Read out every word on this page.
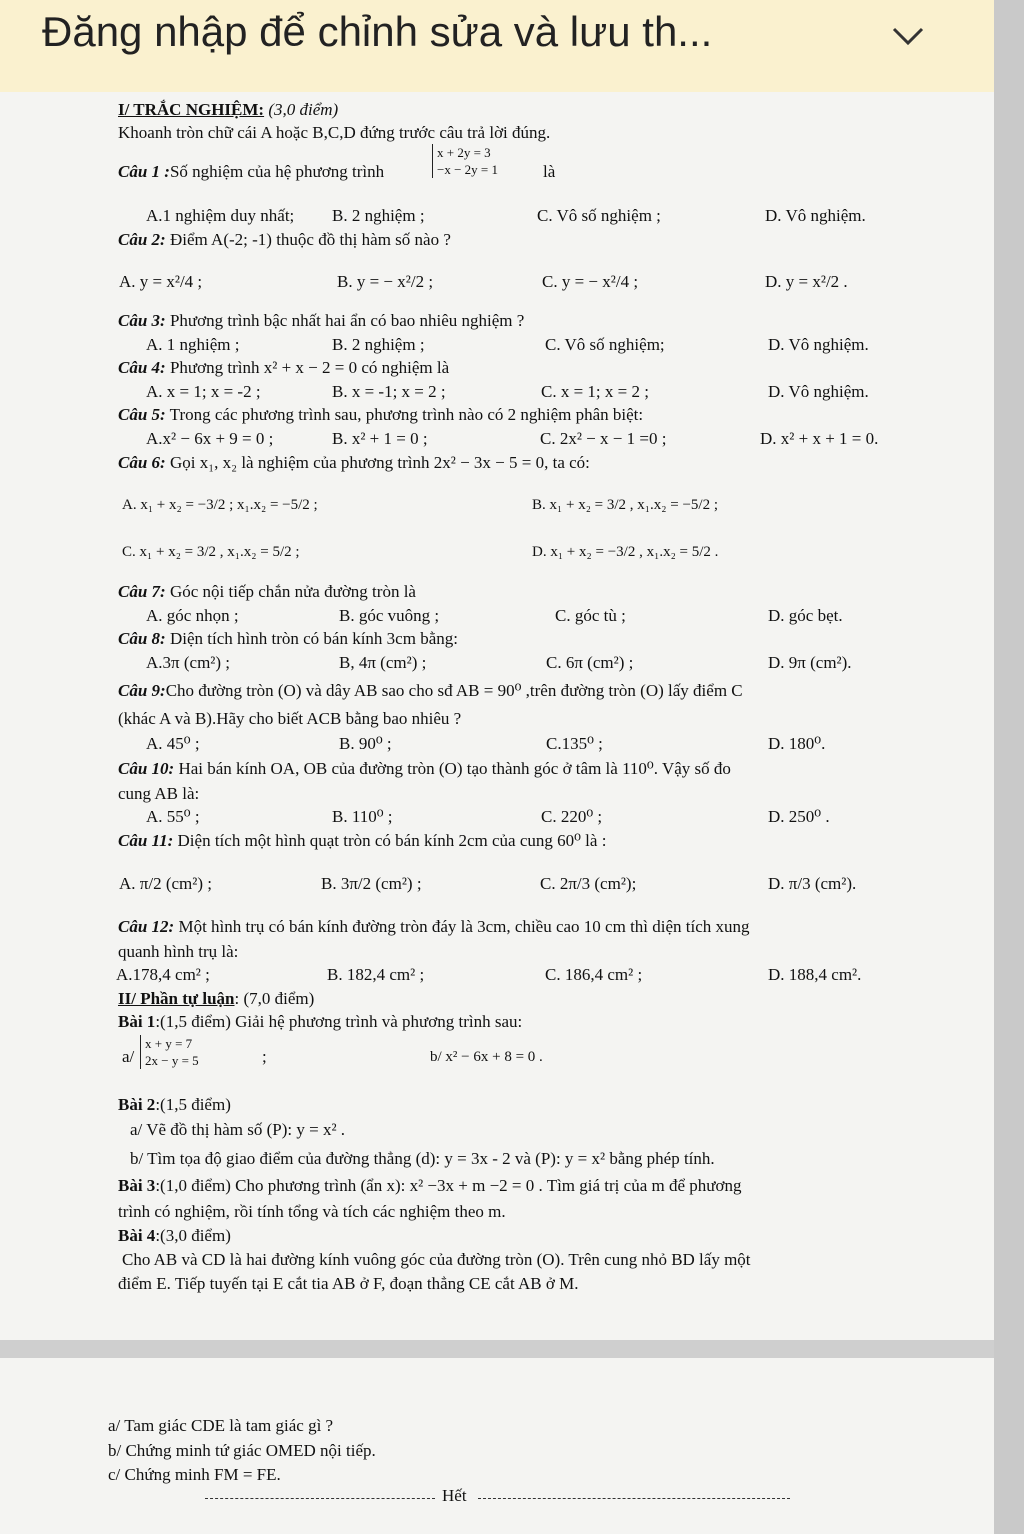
Đăng nhập để chỉnh sửa và lưu th...
I/ TRẮC NGHIỆM: (3,0 điểm)
Khoanh tròn chữ cái A hoặc B,C,D đứng trước câu trả lời đúng.
Câu 1 :Số nghiệm của hệ phương trình
x + 2y = 3
−x − 2y = 1	là
A.1 nghiệm duy nhất; B. 2 nghiệm ;	C. Vô số nghiệm ;	D. Vô nghiệm.
Câu 2: Điểm A(-2; -1) thuộc đồ thị hàm số nào ?
A. y = x²/4 ;	B. y = − x²/2 ;	C. y = − x²/4 ;	D. y = x²/2 .
Câu 3: Phương trình bậc nhất hai ẩn có bao nhiêu nghiệm ?
A. 1 nghiệm ;	B. 2 nghiệm ;	C. Vô số nghiệm;	D. Vô nghiệm.
Câu 4: Phương trình x² + x − 2 = 0 có nghiệm là
A. x = 1; x = -2 ;	B. x = -1; x = 2 ;	C. x = 1; x = 2 ;	D. Vô nghiệm.
Câu 5: Trong các phương trình sau, phương trình nào có 2 nghiệm phân biệt:
A.x² − 6x + 9 = 0 ;	B. x² + 1 = 0 ;	C. 2x² − x − 1 =0 ;	D. x² + x + 1 = 0.
Câu 6: Gọi x₁, x₂ là nghiệm của phương trình 2x² − 3x − 5 = 0, ta có:
A. x₁ + x₂ = −3/2 ; x₁.x₂ = −5/2 ;	B. x₁ + x₂ = 3/2 , x₁.x₂ = −5/2 ;
C. x₁ + x₂ = 3/2 , x₁.x₂ = 5/2 ;	D. x₁ + x₂ = −3/2 , x₁.x₂ = 5/2 .
Câu 7: Góc nội tiếp chắn nửa đường tròn là
A. góc nhọn ;	B. góc vuông ;	C. góc tù ;	D. góc bẹt.
Câu 8: Diện tích hình tròn có bán kính 3cm bằng:
A.3π (cm²) ;	B, 4π (cm²) ;	C. 6π (cm²) ;	D. 9π (cm²).
Câu 9:Cho đường tròn (O) và dây AB sao cho sđ AB = 90⁰ ,trên đường tròn (O) lấy điểm C
(khác A và B).Hãy cho biết ACB bằng bao nhiêu ?
A. 45⁰ ;	B. 90⁰ ;	C.135⁰ ;	D. 180⁰.
Câu 10: Hai bán kính OA, OB của đường tròn (O) tạo thành góc ở tâm là 110⁰. Vậy số đo
cung AB là:
A. 55⁰ ;	B. 110⁰ ;	C. 220⁰ ;	D. 250⁰ .
Câu 11: Diện tích một hình quạt tròn có bán kính 2cm của cung 60⁰ là :
A. π/2 (cm²) ;	B. 3π/2 (cm²) ;	C. 2π/3 (cm²);	D. π/3 (cm²).
Câu 12: Một hình trụ có bán kính đường tròn đáy là 3cm, chiều cao 10 cm thì diện tích xung
quanh hình trụ là:
A.178,4 cm² ;	B. 182,4 cm² ;	C. 186,4 cm² ;	D. 188,4 cm².
II/ Phần tự luận: (7,0 điểm)
Bài 1:(1,5 điểm) Giải hệ phương trình và phương trình sau:
a/
x + y = 7
2x − y = 5	;	b/ x² − 6x + 8 = 0 .
Bài 2:(1,5 điểm)
a/ Vẽ đồ thị hàm số (P): y = x² .
b/ Tìm tọa độ giao điểm của đường thẳng (d): y = 3x - 2 và (P): y = x² bằng phép tính.
Bài 3:(1,0 điểm) Cho phương trình (ẩn x): x² −3x + m −2 = 0 . Tìm giá trị của m để phương
trình có nghiệm, rồi tính tổng và tích các nghiệm theo m.
Bài 4:(3,0 điểm)
Cho AB và CD là hai đường kính vuông góc của đường tròn (O). Trên cung nhỏ BD lấy một
điểm E. Tiếp tuyến tại E cắt tia AB ở F, đoạn thẳng CE cắt AB ở M.
a/ Tam giác CDE là tam giác gì ?
b/ Chứng minh tứ giác OMED nội tiếp.
c/ Chứng minh FM = FE.
Hết
